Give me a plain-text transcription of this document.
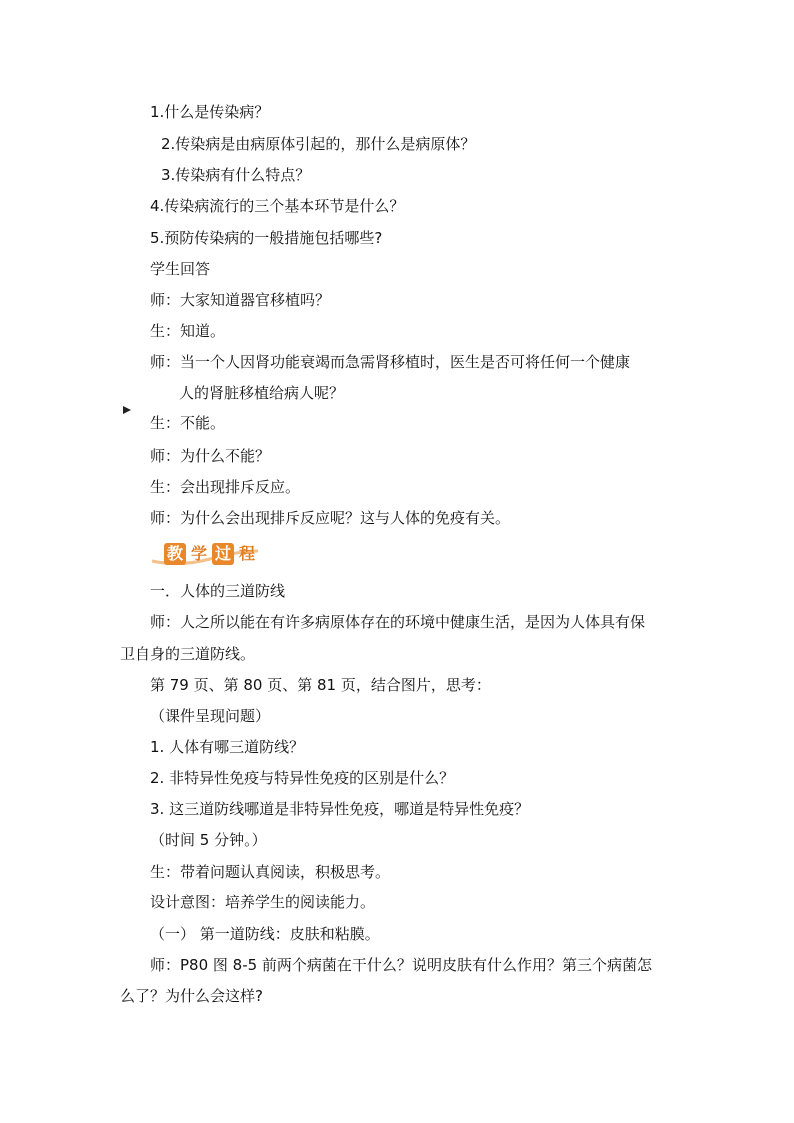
1.什么是传染病？
2.传染病是由病原体引起的，那什么是病原体？
3.传染病有什么特点？
4.传染病流行的三个基本环节是什么？
5.预防传染病的一般措施包括哪些?
学生回答
师：大家知道器官移植吗？
生：知道。
师：当一个人因肾功能衰竭而急需肾移植时，医生是否可将任何一个健康
人的肾脏移植给病人呢？
生：不能。
师：为什么不能？
生：会出现排斥反应。
师：为什么会出现排斥反应呢？这与人体的免疫有关。
教 学 过 程
一．人体的三道防线
师：人之所以能在有许多病原体存在的环境中健康生活，是因为人体具有保
卫自身的三道防线。
第 79 页、第 80 页、第 81 页，结合图片，思考：
（课件呈现问题）
1. 人体有哪三道防线？
2. 非特异性免疫与特异性免疫的区别是什么？
3. 这三道防线哪道是非特异性免疫，哪道是特异性免疫？
（时间 5 分钟。）
生：带着问题认真阅读，积极思考。
设计意图：培养学生的阅读能力。
（一） 第一道防线：皮肤和粘膜。
师：P80 图 8-5 前两个病菌在干什么？说明皮肤有什么作用？第三个病菌怎
么了？为什么会这样?
